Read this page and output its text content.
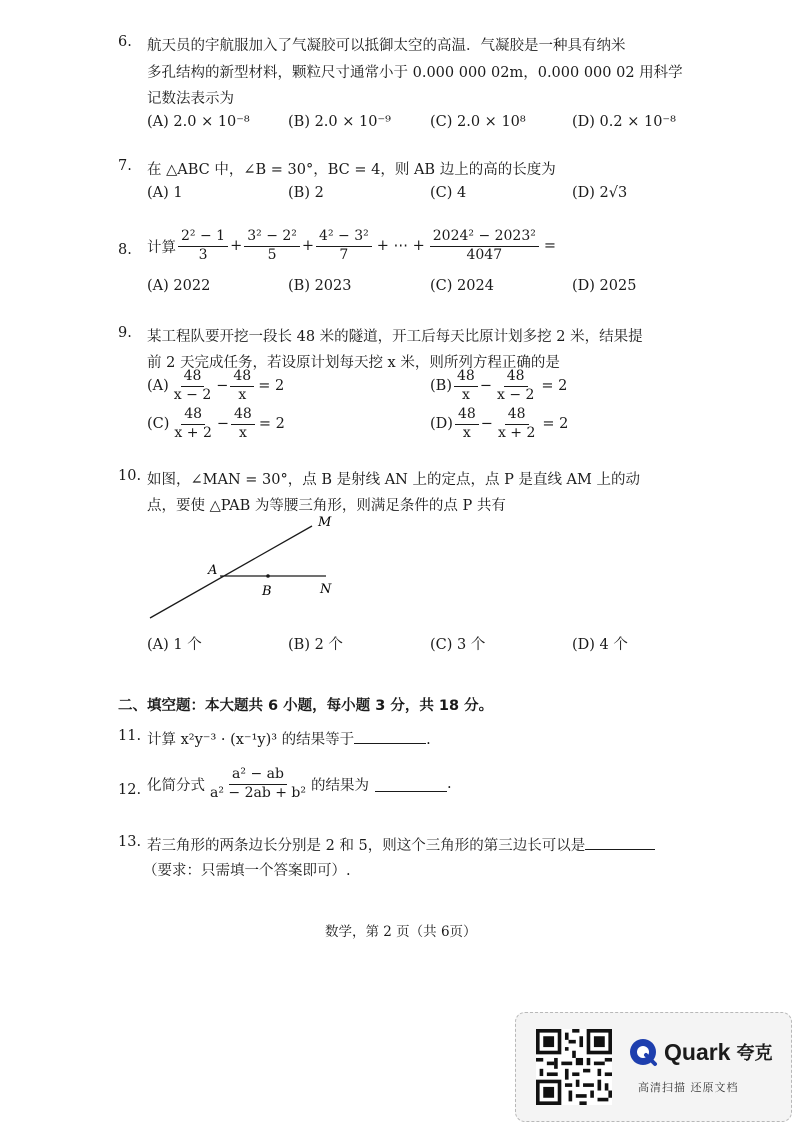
6. 航天员的宇航服加入了气凝胶可以抵御太空的高温．气凝胶是一种具有纳米
多孔结构的新型材料，颗粒尺寸通常小于 0.000 000 02m，0.000 000 02 用科学
记数法表示为
(A) 2.0 × 10⁻⁸	(B) 2.0 × 10⁻⁹	(C) 2.0 × 10⁸	(D) 0.2 × 10⁻⁸
7. 在 △ABC 中，∠B = 30°，BC = 4，则 AB 边上的高的长度为
(A) 1	(B) 2	(C) 4	(D) 2√3
8. 计算 $\frac{\text{2² − 1}}{3} + \frac{\text{3² − 2²}}{5} + \frac{\text{4² − 3²}}{7}$ + ⋯ + $\frac{\text{2024² − 2023²}}{4047}$ =
(A) 2022	(B) 2023	(C) 2024	(D) 2025
9. 某工程队要开挖一段长 48 米的隧道，开工后每天比原计划多挖 2 米，结果提
前 2 天完成任务，若设原计划每天挖 x 米，则所列方程正确的是
$(A) \frac{48}{x - 2} - \frac{48}{x} = 2$	$(B) \frac{48}{x} - \frac{48}{x - 2} = 2$
$(C) \frac{48}{x + 2} - \frac{48}{x} = 2$	$(D) \frac{48}{x} - \frac{48}{x + 2} = 2$
10. 如图，∠MAN = 30°，点 B 是射线 AN 上的定点，点 P 是直线 AM 上的动
点，要使 △PAB 为等腰三角形，则满足条件的点 P 共有
M
A
B	N
(A) 1 个	(B) 2 个	(C) 3 个	(D) 4 个
二、填空题：本大题共 6 小题，每小题 3 分，共 18 分。
11. 计算 x²y⁻³ · (x⁻¹y)³ 的结果等于	.
12. 化简分式 $\frac{\text{a² − ab}}{\text{a² − 2ab + b²}}$ 的结果为	.
13. 若三角形的两条边长分别是 2 和 5，则这个三角形的第三边长可以是
（要求：只需填一个答案即可）.
数学，第 2 页（共 6页）
Quark 夸克
高清扫描 还原文档
